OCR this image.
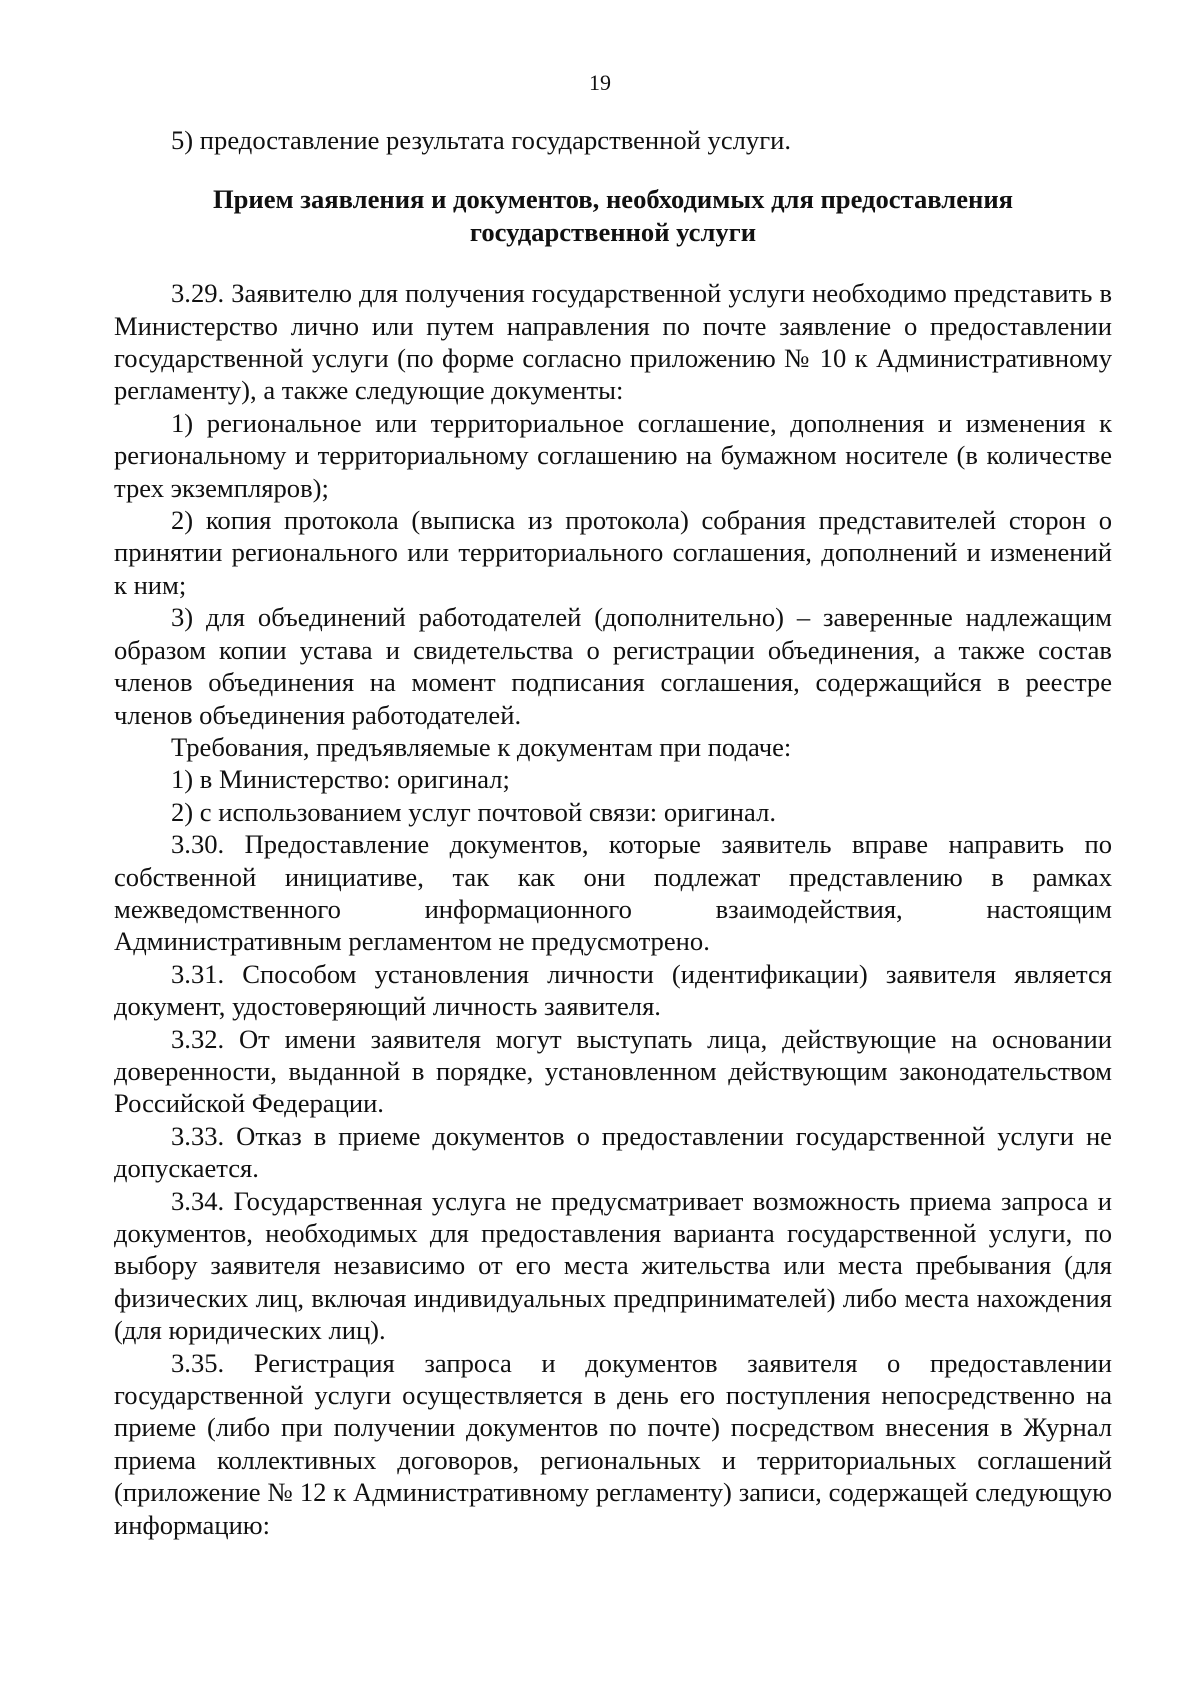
19

5) предоставление результата государственной услуги.

Прием заявления и документов, необходимых для предоставления
государственной услуги

3.29. Заявителю для получения государственной услуги необходимо представить в Министерство лично или путем направления по почте заявление о предоставлении государственной услуги (по форме согласно приложению № 10 к Административному регламенту), а также следующие документы:

1) региональное или территориальное соглашение, дополнения и изменения к региональному и территориальному соглашению на бумажном носителе (в количестве трех экземпляров);

2) копия протокола (выписка из протокола) собрания представителей сторон о принятии регионального или территориального соглашения, дополнений и изменений к ним;

3) для объединений работодателей (дополнительно) – заверенные надлежащим образом копии устава и свидетельства о регистрации объединения, а также состав членов объединения на момент подписания соглашения, содержащийся в реестре членов объединения работодателей.

Требования, предъявляемые к документам при подаче:

1) в Министерство: оригинал;

2) с использованием услуг почтовой связи: оригинал.

3.30. Предоставление документов, которые заявитель вправе направить по собственной инициативе, так как они подлежат представлению в рамках межведомственного информационного взаимодействия, настоящим Административным регламентом не предусмотрено.

3.31. Способом установления личности (идентификации) заявителя является документ, удостоверяющий личность заявителя.

3.32. От имени заявителя могут выступать лица, действующие на основании доверенности, выданной в порядке, установленном действующим законодательством Российской Федерации.

3.33. Отказ в приеме документов о предоставлении государственной услуги не допускается.

3.34. Государственная услуга не предусматривает возможность приема запроса и документов, необходимых для предоставления варианта государственной услуги, по выбору заявителя независимо от его места жительства или места пребывания (для физических лиц, включая индивидуальных предпринимателей) либо места нахождения (для юридических лиц).

3.35. Регистрация запроса и документов заявителя о предоставлении государственной услуги осуществляется в день его поступления непосредственно на приеме (либо при получении документов по почте) посредством внесения в Журнал приема коллективных договоров, региональных и территориальных соглашений (приложение № 12 к Административному регламенту) записи, содержащей следующую информацию:
